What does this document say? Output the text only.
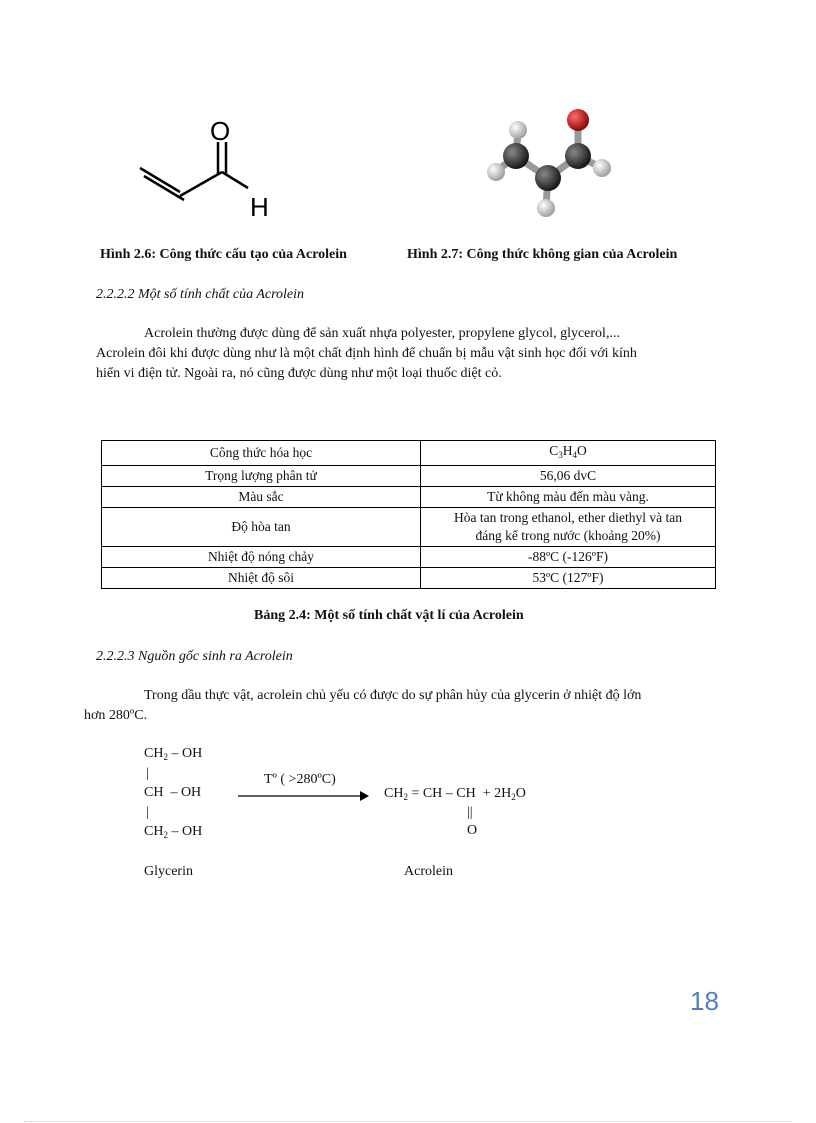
O
H
Hình 2.6: Công thức cấu tạo của Acrolein	Hình 2.7: Công thức không gian của Acrolein
2.2.2.2 Một số tính chất của Acrolein
Acrolein thường được dùng để sản xuất nhựa polyester, propylene glycol, glycerol,...
Acrolein đôi khi được dùng như là một chất định hình để chuẩn bị mẫu vật sinh học đối với kính
hiển vi điện tử. Ngoài ra, nó cũng được dùng như một loại thuốc diệt cỏ.
Công thức hóa học	$C_3H_4O$
Trọng lượng phân tử	56,06 dvC
Màu sắc	Từ không màu đến màu vàng.
Độ hòa tan	Hòa tan trong ethanol, ether diethyl và tan
đáng kể trong nước (khoảng 20%)

Nhiệt độ nóng chảy	-88ºC (-126ºF)
Nhiệt độ sôi	53ºC (127ºF)
Bảng 2.4: Một số tính chất vật lí của Acrolein
2.2.2.3 Nguồn gốc sinh ra Acrolein
Trong dầu thực vật, acrolein chủ yếu có được do sự phân hủy của glycerin ở nhiệt độ lớn
hơn 280ºC.
$CH_2$ – OH
|
CH  – OH
|
$CH_2$ – OH
Tº ( >280ºC)
$CH_2$ = CH – CH  + $2H_2O$
||
O
Glycerin	Acrolein
18
